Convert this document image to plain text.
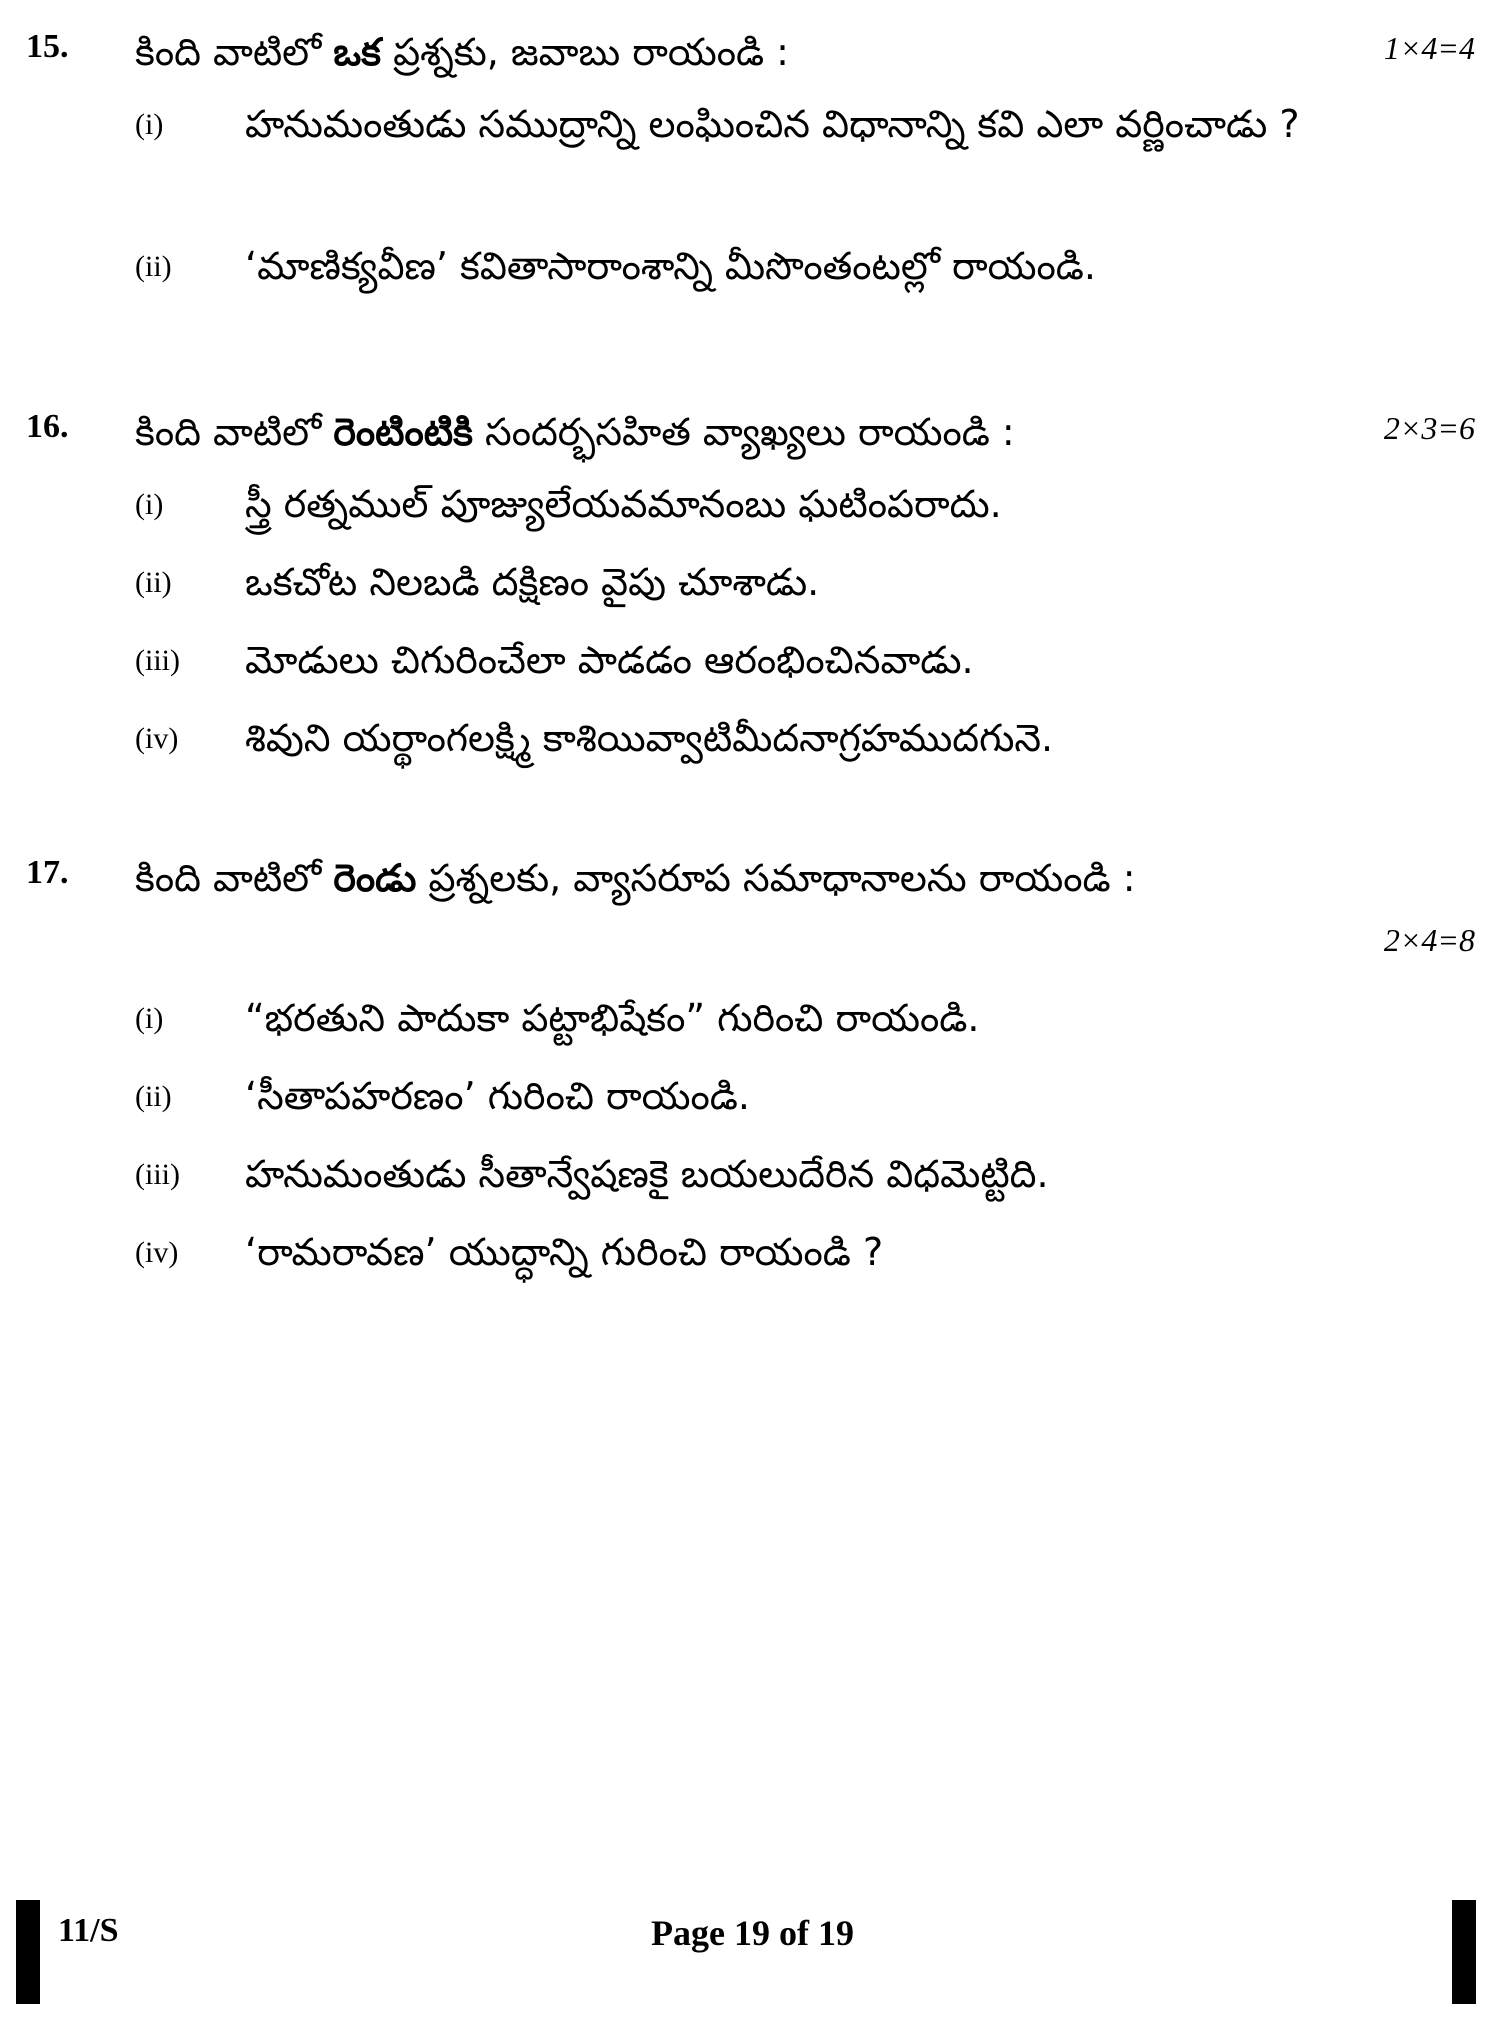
15. కింది వాటిలో ఒక ప్రశ్నకు, జవాబు రాయండి :	1×4=4
(i) హనుమంతుడు సముద్రాన్ని లంఘించిన విధానాన్ని కవి ఎలా వర్ణించాడు ?
(ii) ‘మాణిక్యవీణ’ కవితాసారాంశాన్ని మీసొంతంటల్లో రాయండి.
16. కింది వాటిలో రెంటింటికి సందర్భసహిత వ్యాఖ్యలు రాయండి :	2×3=6
(i) స్త్రీ రత్నముల్ పూజ్యులేయవమానంబు ఘటింపరాదు.
(ii) ఒకచోట నిలబడి దక్షిణం వైపు చూశాడు.
(iii) మోడులు చిగురించేలా పాడడం ఆరంభించినవాడు.
(iv) శివుని యర్థాంగలక్ష్మి కాశియివ్వాటిమీదనాగ్రహముదగునె.
17. కింది వాటిలో రెండు ప్రశ్నలకు, వ్యాసరూప సమాధానాలను రాయండి :
2×4=8
(i) “భరతుని పాదుకా పట్టాభిషేకం” గురించి రాయండి.
(ii) ‘సీతాపహరణం’ గురించి రాయండి.
(iii) హనుమంతుడు సీతాన్వేషణకై బయలుదేరిన విధమెట్టిది.
(iv) ‘రామరావణ’ యుద్ధాన్ని గురించి రాయండి ?
11/S	Page 19 of 19
